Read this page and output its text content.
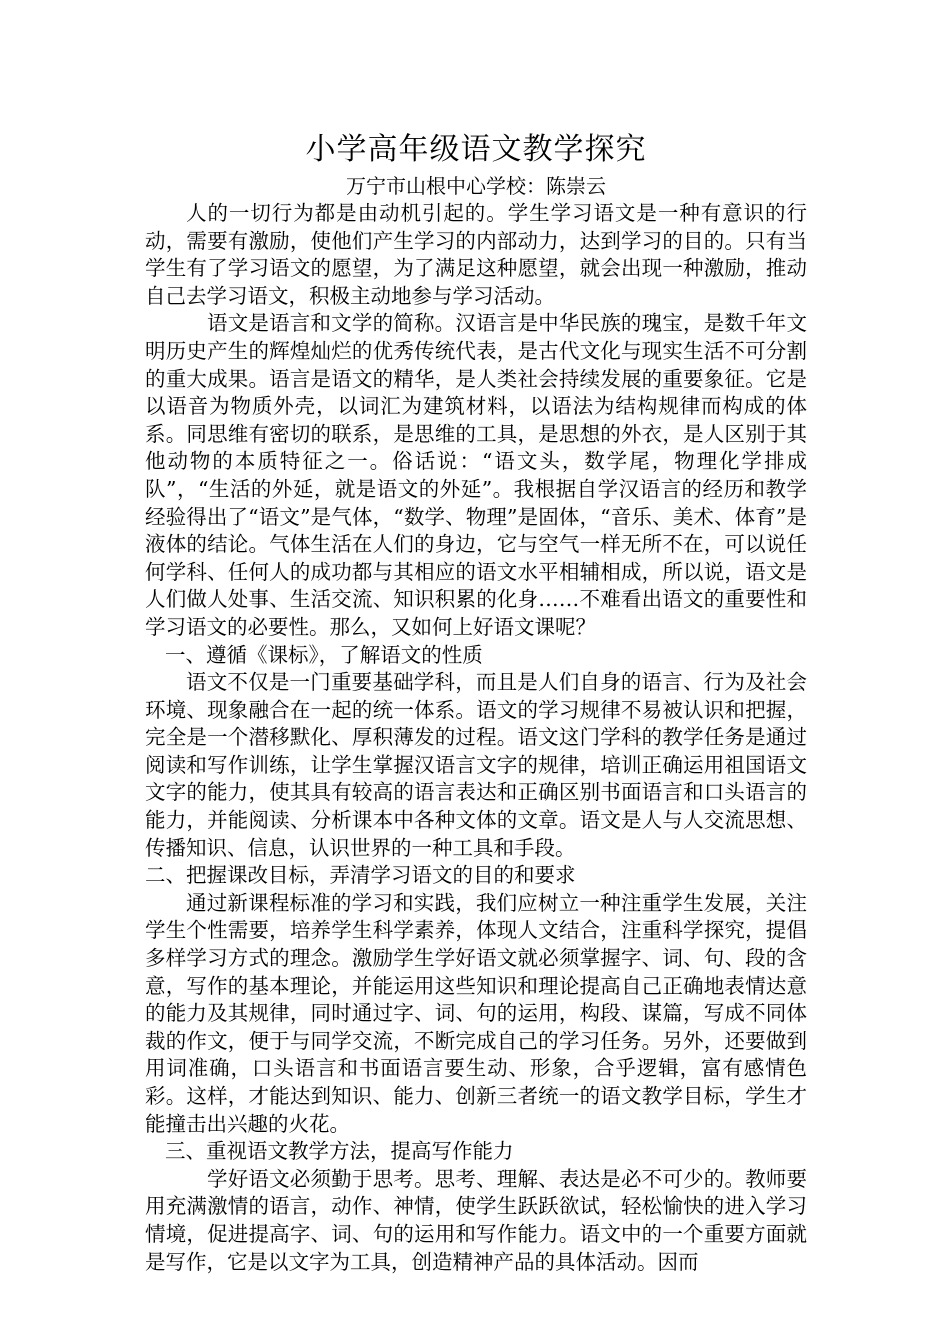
小学高年级语文教学探究

万宁市山根中心学校：陈崇云

人的一切行为都是由动机引起的。学生学习语文是一种有意识的行动，需要有激励，使他们产生学习的内部动力，达到学习的目的。只有当学生有了学习语文的愿望，为了满足这种愿望，就会出现一种激励，推动自己去学习语文，积极主动地参与学习活动。

语文是语言和文学的简称。汉语言是中华民族的瑰宝，是数千年文明历史产生的辉煌灿烂的优秀传统代表，是古代文化与现实生活不可分割的重大成果。语言是语文的精华，是人类社会持续发展的重要象征。它是以语音为物质外壳，以词汇为建筑材料，以语法为结构规律而构成的体系。同思维有密切的联系，是思维的工具，是思想的外衣，是人区别于其他动物的本质特征之一。俗话说：“语文头，数学尾，物理化学排成队”，“生活的外延，就是语文的外延”。我根据自学汉语言的经历和教学经验得出了“语文”是气体，“数学、物理”是固体，“音乐、美术、体育”是液体的结论。气体生活在人们的身边，它与空气一样无所不在，可以说任何学科、任何人的成功都与其相应的语文水平相辅相成，所以说，语文是人们做人处事、生活交流、知识积累的化身……不难看出语文的重要性和学习语文的必要性。那么，又如何上好语文课呢？

一、遵循《课标》，了解语文的性质

语文不仅是一门重要基础学科，而且是人们自身的语言、行为及社会环境、现象融合在一起的统一体系。语文的学习规律不易被认识和把握，完全是一个潜移默化、厚积薄发的过程。语文这门学科的教学任务是通过阅读和写作训练，让学生掌握汉语言文字的规律，培训正确运用祖国语文文字的能力，使其具有较高的语言表达和正确区别书面语言和口头语言的能力，并能阅读、分析课本中各种文体的文章。语文是人与人交流思想、传播知识、信息，认识世界的一种工具和手段。

二、把握课改目标，弄清学习语文的目的和要求

通过新课程标准的学习和实践，我们应树立一种注重学生发展，关注学生个性需要，培养学生科学素养，体现人文结合，注重科学探究，提倡多样学习方式的理念。激励学生学好语文就必须掌握字、词、句、段的含意，写作的基本理论，并能运用这些知识和理论提高自己正确地表情达意的能力及其规律，同时通过字、词、句的运用，构段、谋篇，写成不同体裁的作文，便于与同学交流，不断完成自己的学习任务。另外，还要做到用词准确，口头语言和书面语言要生动、形象，合乎逻辑，富有感情色彩。这样，才能达到知识、能力、创新三者统一的语文教学目标，学生才能撞击出兴趣的火花。

三、重视语文教学方法，提高写作能力

学好语文必须勤于思考。思考、理解、表达是必不可少的。教师要用充满激情的语言，动作、神情，使学生跃跃欲试，轻松愉快的进入学习情境，促进提高字、词、句的运用和写作能力。语文中的一个重要方面就是写作，它是以文字为工具，创造精神产品的具体活动。因而
